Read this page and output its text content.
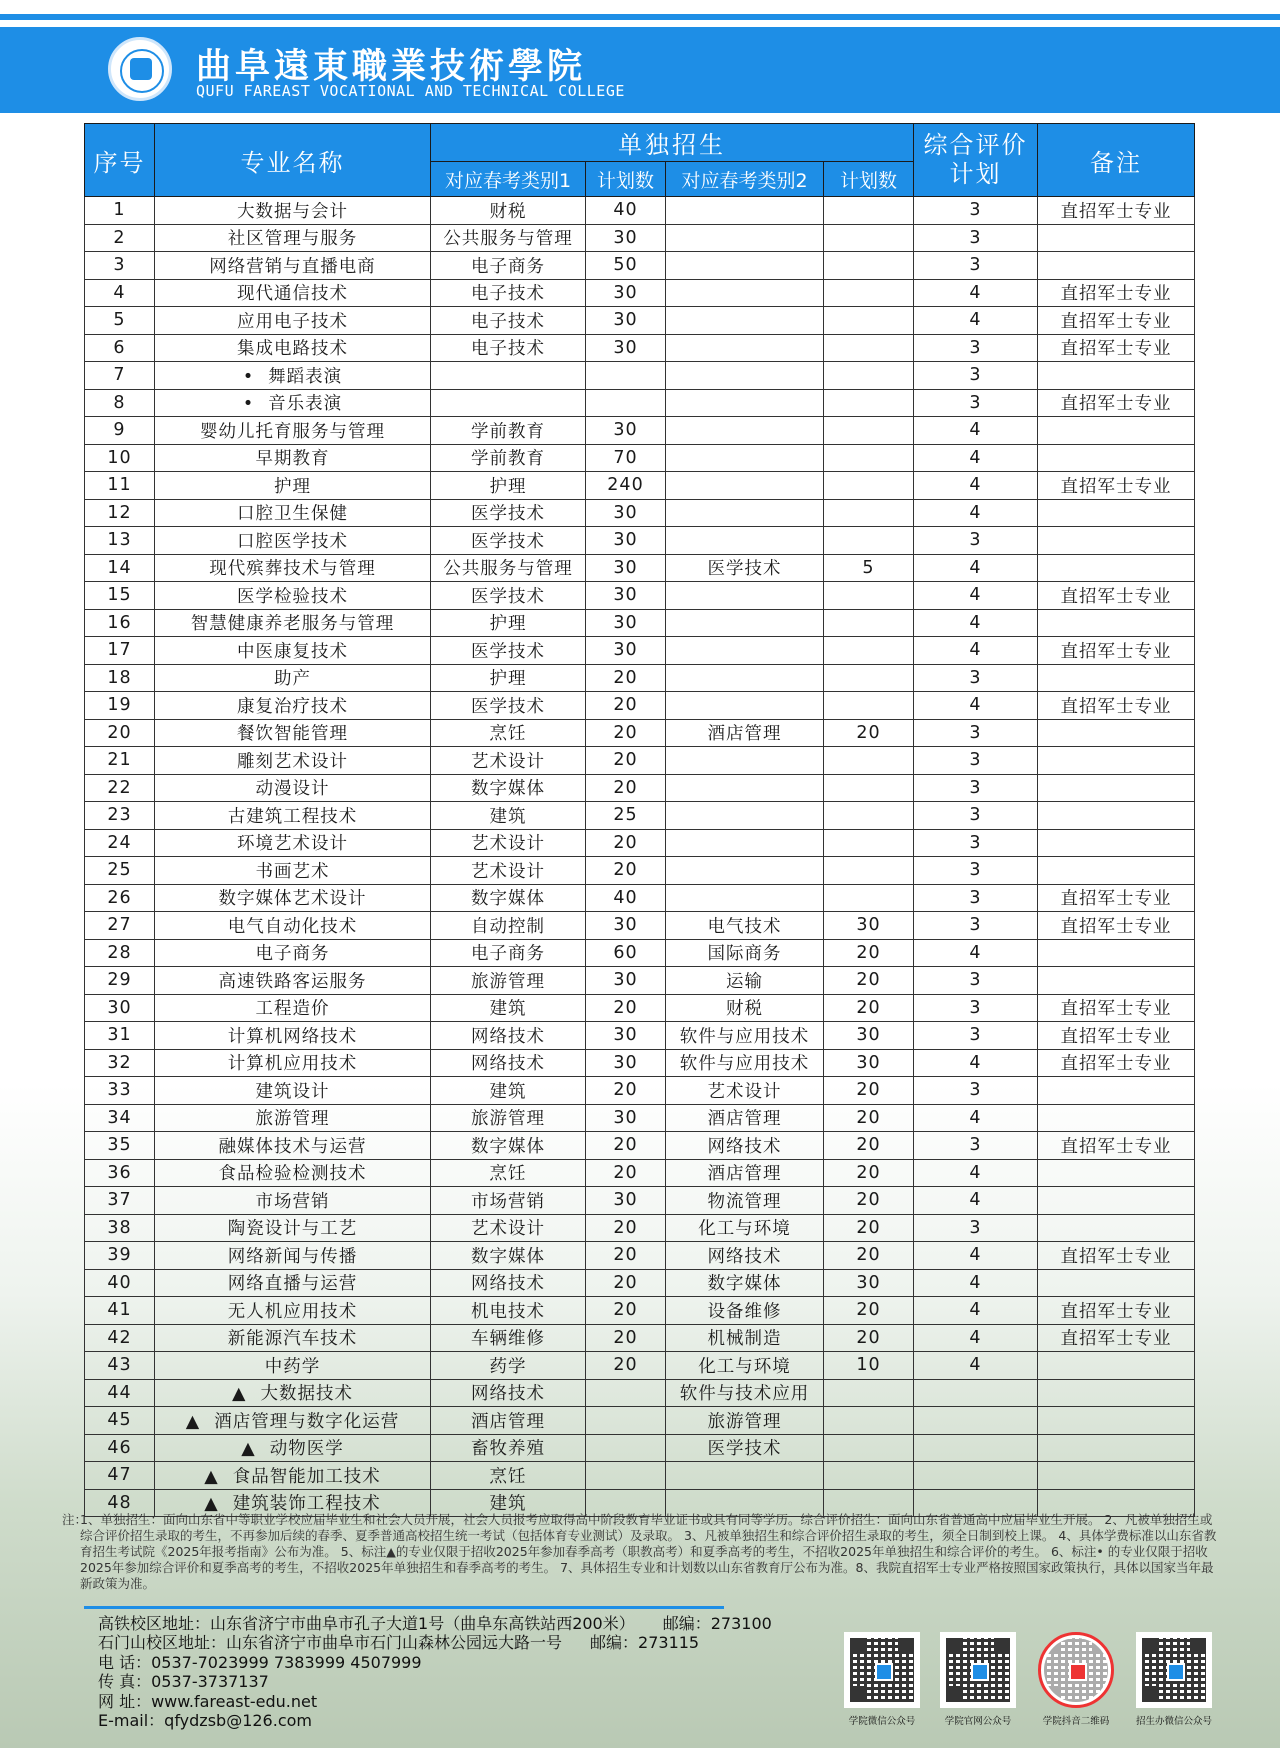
曲阜遠東職業技術學院
QUFU FAREAST VOCATIONAL AND TECHNICAL COLLEGE
序号	专业名称	单独招生				综合评价计划	备注
		对应春考类别1	计划数	对应春考类别2	计划数		
1	大数据与会计	财税	40			3	直招军士专业
2	社区管理与服务	公共服务与管理	30			3	
3	网络营销与直播电商	电子商务	50			3	
4	现代通信技术	电子技术	30			4	直招军士专业
5	应用电子技术	电子技术	30			4	直招军士专业
6	集成电路技术	电子技术	30			3	直招军士专业
7	• 舞蹈表演					3	
8	• 音乐表演					3	直招军士专业
9	婴幼儿托育服务与管理	学前教育	30			4	
10	早期教育	学前教育	70			4	
11	护理	护理	240			4	直招军士专业
12	口腔卫生保健	医学技术	30			4	
13	口腔医学技术	医学技术	30			3	
14	现代殡葬技术与管理	公共服务与管理	30	医学技术	5	4	
15	医学检验技术	医学技术	30			4	直招军士专业
16	智慧健康养老服务与管理	护理	30			4	
17	中医康复技术	医学技术	30			4	直招军士专业
18	助产	护理	20			3	
19	康复治疗技术	医学技术	20			4	直招军士专业
20	餐饮智能管理	烹饪	20	酒店管理	20	3	
21	雕刻艺术设计	艺术设计	20			3	
22	动漫设计	数字媒体	20			3	
23	古建筑工程技术	建筑	25			3	
24	环境艺术设计	艺术设计	20			3	
25	书画艺术	艺术设计	20			3	
26	数字媒体艺术设计	数字媒体	40			3	直招军士专业
27	电气自动化技术	自动控制	30	电气技术	30	3	直招军士专业
28	电子商务	电子商务	60	国际商务	20	4	
29	高速铁路客运服务	旅游管理	30	运输	20	3	
30	工程造价	建筑	20	财税	20	3	直招军士专业
31	计算机网络技术	网络技术	30	软件与应用技术	30	3	直招军士专业
32	计算机应用技术	网络技术	30	软件与应用技术	30	4	直招军士专业
33	建筑设计	建筑	20	艺术设计	20	3	
34	旅游管理	旅游管理	30	酒店管理	20	4	
35	融媒体技术与运营	数字媒体	20	网络技术	20	3	直招军士专业
36	食品检验检测技术	烹饪	20	酒店管理	20	4	
37	市场营销	市场营销	30	物流管理	20	4	
38	陶瓷设计与工艺	艺术设计	20	化工与环境	20	3	
39	网络新闻与传播	数字媒体	20	网络技术	20	4	直招军士专业
40	网络直播与运营	网络技术	20	数字媒体	30	4	
41	无人机应用技术	机电技术	20	设备维修	20	4	直招军士专业
42	新能源汽车技术	车辆维修	20	机械制造	20	4	直招军士专业
43	中药学	药学	20	化工与环境	10	4	
44	▲ 大数据技术	网络技术		软件与技术应用			
45	▲ 酒店管理与数字化运营	酒店管理		旅游管理			
46	▲ 动物医学	畜牧养殖		医学技术			
47	▲ 食品智能加工技术	烹饪					
48	▲ 建筑装饰工程技术	建筑					
注：
1、单独招生：面向山东省中等职业学校应届毕业生和社会人员开展，社会人员报考应取得高中阶段教育毕业证书或具有同等学历。综合评价招生：面向山东省普通高中应届毕业生开展。 2、凡被单独招生或综合评价招生录取的考生，不再参加后续的春季、夏季普通高校招生统一考试（包括体育专业测试）及录取。 3、凡被单独招生和综合评价招生录取的考生，须全日制到校上课。 4、具体学费标准以山东省教育招生考试院《2025年报考指南》公布为准。 5、标注▲的专业仅限于招收2025年参加春季高考（职教高考）和夏季高考的考生，不招收2025年单独招生和综合评价的考生。 6、标注• 的专业仅限于招收2025年参加综合评价和夏季高考的考生，不招收2025年单独招生和春季高考的考生。 7、具体招生专业和计划数以山东省教育厅公布为准。8、我院直招军士专业严格按照国家政策执行，具体以国家当年最新政策为准。
高铁校区地址：山东省济宁市曲阜市孔子大道1号（曲阜东高铁站西200米） 邮编：273100
石门山校区地址：山东省济宁市曲阜市石门山森林公园远大路一号 邮编：273115
电 话：0537-7023999 7383999 4507999
传 真：0537-3737137
网 址：www.fareast-edu.net
E-mail：qfydzsb@126.com	学院微信公众号	学院官网公众号	学院抖音二维码	招生办微信公众号
